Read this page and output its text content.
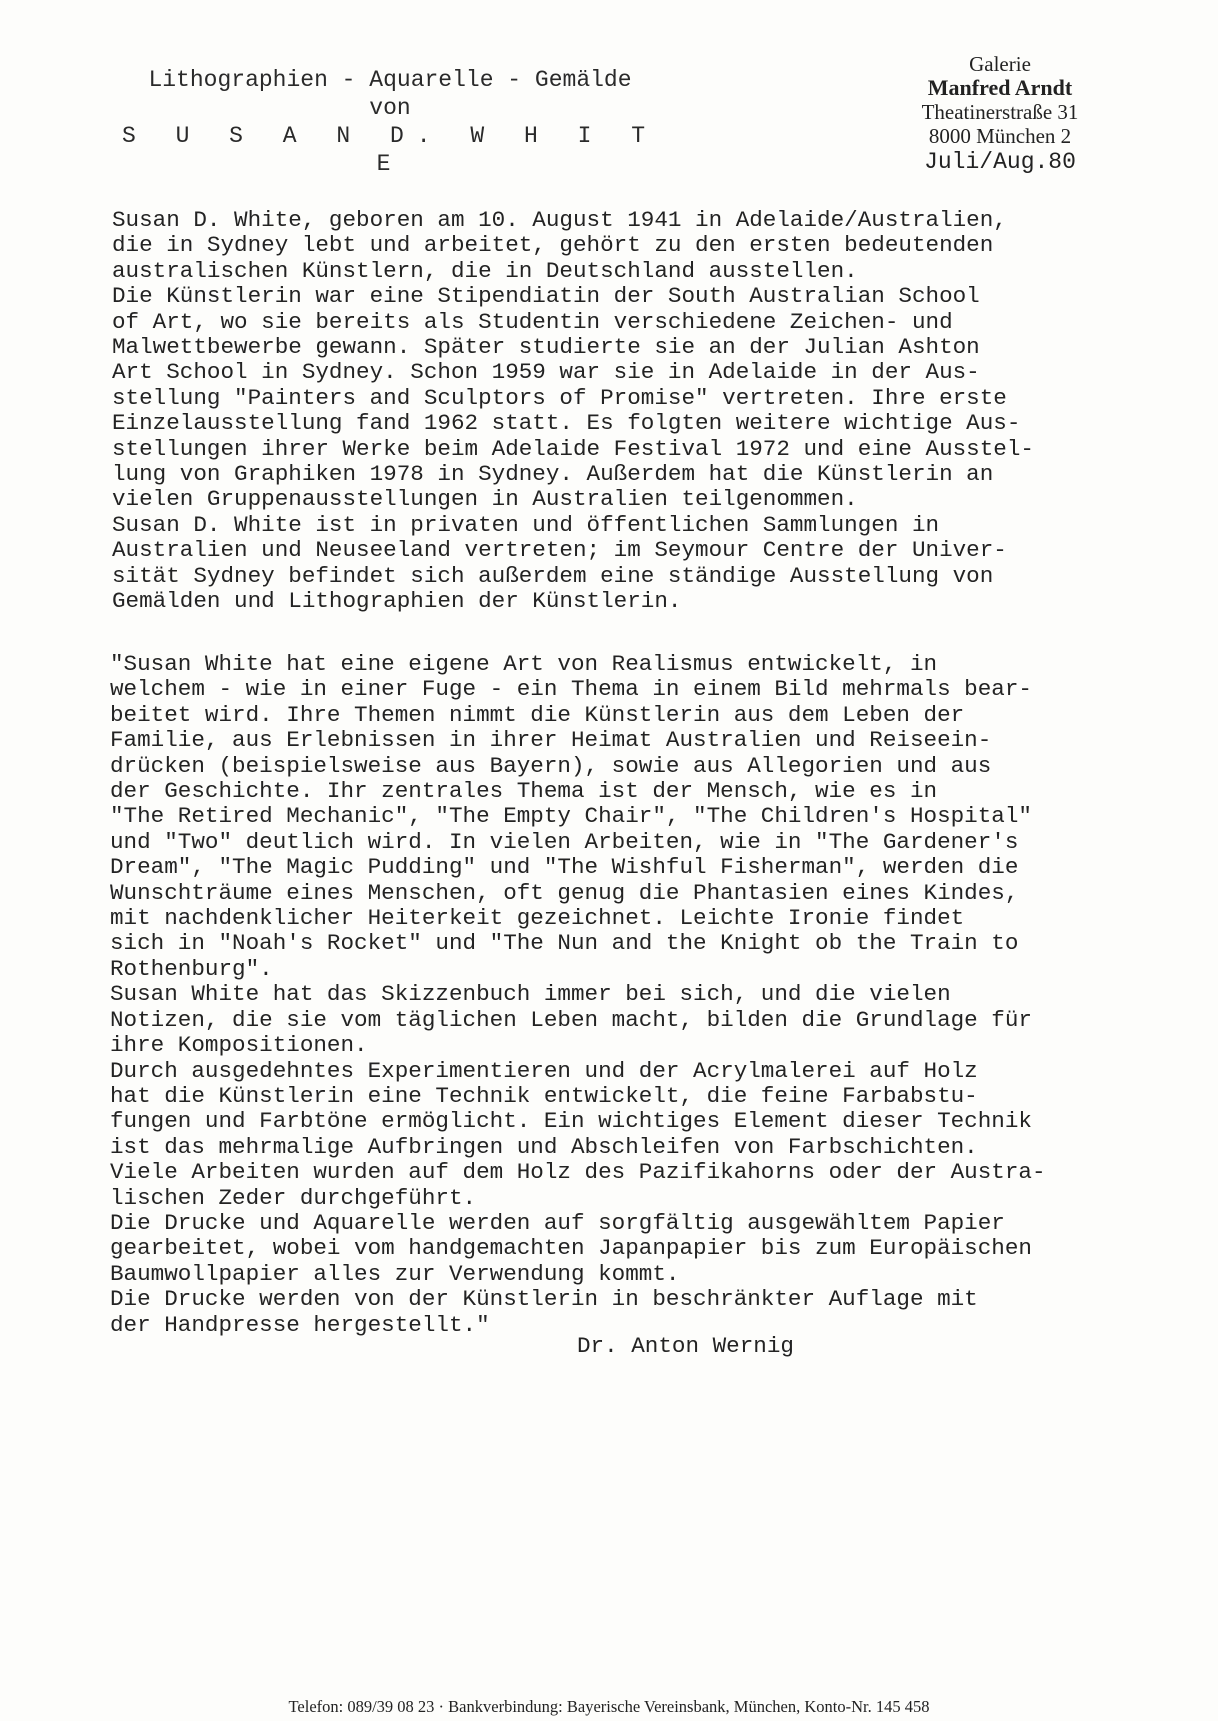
Lithographien - Aquarelle - Gemälde
von
S U S A N D. W H I T E
Galerie
Manfred Arndt
Theatinerstraße 31
8000 München 2
Juli/Aug.80

Susan D. White, geboren am 10. August 1941 in Adelaide/Australien,

die in Sydney lebt und arbeitet, gehört zu den ersten bedeutenden

australischen Künstlern, die in Deutschland ausstellen.

Die Künstlerin war eine Stipendiatin der South Australian School

of Art, wo sie bereits als Studentin verschiedene Zeichen- und

Malwettbewerbe gewann. Später studierte sie an der Julian Ashton

Art School in Sydney. Schon 1959 war sie in Adelaide in der Aus-

stellung "Painters and Sculptors of Promise" vertreten. Ihre erste

Einzelausstellung fand 1962 statt. Es folgten weitere wichtige Aus-

stellungen ihrer Werke beim Adelaide Festival 1972 und eine Ausstel-

lung von Graphiken 1978 in Sydney. Außerdem hat die Künstlerin an

vielen Gruppenausstellungen in Australien teilgenommen.

Susan D. White ist in privaten und öffentlichen Sammlungen in

Australien und Neuseeland vertreten; im Seymour Centre der Univer-

sität Sydney befindet sich außerdem eine ständige Ausstellung von

Gemälden und Lithographien der Künstlerin.

"Susan White hat eine eigene Art von Realismus entwickelt, in

welchem - wie in einer Fuge - ein Thema in einem Bild mehrmals bear-

beitet wird. Ihre Themen nimmt die Künstlerin aus dem Leben der

Familie, aus Erlebnissen in ihrer Heimat Australien und Reiseein-

drücken (beispielsweise aus Bayern), sowie aus Allegorien und aus

der Geschichte. Ihr zentrales Thema ist der Mensch, wie es in

"The Retired Mechanic", "The Empty Chair", "The Children's Hospital"

und "Two" deutlich wird. In vielen Arbeiten, wie in "The Gardener's

Dream", "The Magic Pudding" und "The Wishful Fisherman", werden die

Wunschträume eines Menschen, oft genug die Phantasien eines Kindes,

mit nachdenklicher Heiterkeit gezeichnet. Leichte Ironie findet

sich in "Noah's Rocket" und "The Nun and the Knight ob the Train to

Rothenburg".

Susan White hat das Skizzenbuch immer bei sich, und die vielen

Notizen, die sie vom täglichen Leben macht, bilden die Grundlage für

ihre Kompositionen.

Durch ausgedehntes Experimentieren und der Acrylmalerei auf Holz

hat die Künstlerin eine Technik entwickelt, die feine Farbabstu-

fungen und Farbtöne ermöglicht. Ein wichtiges Element dieser Technik

ist das mehrmalige Aufbringen und Abschleifen von Farbschichten.

Viele Arbeiten wurden auf dem Holz des Pazifikahorns oder der Austra-

lischen Zeder durchgeführt.

Die Drucke und Aquarelle werden auf sorgfältig ausgewähltem Papier

gearbeitet, wobei vom handgemachten Japanpapier bis zum Europäischen

Baumwollpapier alles zur Verwendung kommt.

Die Drucke werden von der Künstlerin in beschränkter Auflage mit

der Handpresse hergestellt."

Dr. Anton Wernig
Telefon: 089/39 08 23 · Bankverbindung: Bayerische Vereinsbank, München, Konto-Nr. 145 458
